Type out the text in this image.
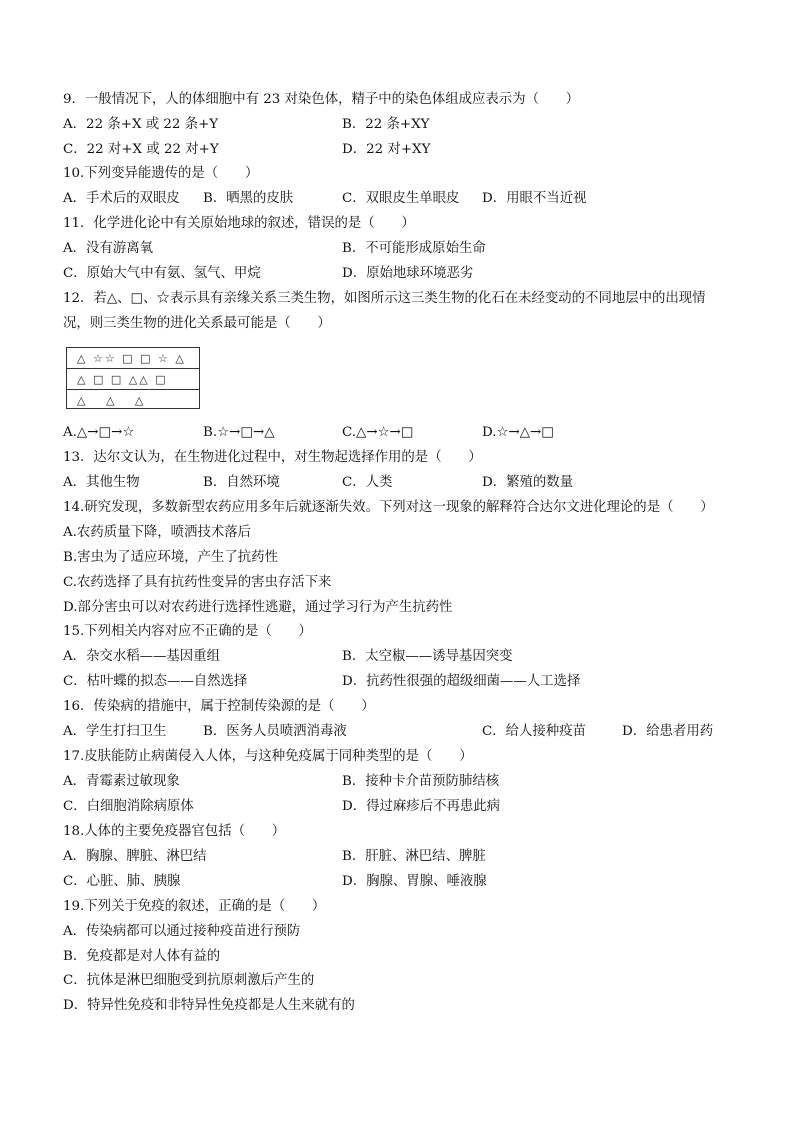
9．一般情况下，人的体细胞中有 23 对染色体，精子中的染色体组成应表示为（　　）
A．22 条+X 或 22 条+Y	B．22 条+XY
C．22 对+X 或 22 对+Y	D．22 对+XY
10.下列变异能遗传的是（　　）
A．手术后的双眼皮 B．晒黑的皮肤	C．双眼皮生单眼皮 D．用眼不当近视
11．化学进化论中有关原始地球的叙述，错误的是（　　）
A．没有游离氧	B．不可能形成原始生命
C．原始大气中有氨、氢气、甲烷	D．原始地球环境恶劣
12．若△、□、☆表示具有亲缘关系三类生物，如图所示这三类生物的化石在未经变动的不同地层中的出现情
况，则三类生物的进化关系最可能是（　　）
△ ☆☆ □ □ ☆ △
△ □ □ △△ □
△　 △　 △
A.△→□→☆	B.☆→□→△	C.△→☆→□	D.☆→△→□
13．达尔文认为，在生物进化过程中，对生物起选择作用的是（　　）
A．其他生物	B．自然环境	C．人类	D．繁殖的数量
14.研究发现，多数新型农药应用多年后就逐渐失效。下列对这一现象的解释符合达尔文进化理论的是（　　）
A.农药质量下降，喷洒技术落后
B.害虫为了适应环境，产生了抗药性
C.农药选择了具有抗药性变异的害虫存活下来
D.部分害虫可以对农药进行选择性逃避，通过学习行为产生抗药性
15.下列相关内容对应不正确的是（　　）
A．杂交水稻——基因重组	B．太空椒——诱导基因突变
C．枯叶蝶的拟态——自然选择	D．抗药性很强的超级细菌——人工选择
16．传染病的措施中，属于控制传染源的是（　　）
A．学生打扫卫生	B．医务人员喷洒消毒液	C．给人接种疫苗	D．给患者用药
17.皮肤能防止病菌侵入人体，与这种免疫属于同种类型的是（　　）
A．青霉素过敏现象	B．接种卡介苗预防肺结核
C．白细胞消除病原体	D．得过麻疹后不再患此病
18.人体的主要免疫器官包括（　　）
A．胸腺、脾脏、淋巴结	B．肝脏、淋巴结、脾脏
C．心脏、肺、胰腺	D．胸腺、胃腺、唾液腺
19.下列关于免疫的叙述，正确的是（　　）
A．传染病都可以通过接种疫苗进行预防
B．免疫都是对人体有益的
C．抗体是淋巴细胞受到抗原刺激后产生的
D．特异性免疫和非特异性免疫都是人生来就有的
